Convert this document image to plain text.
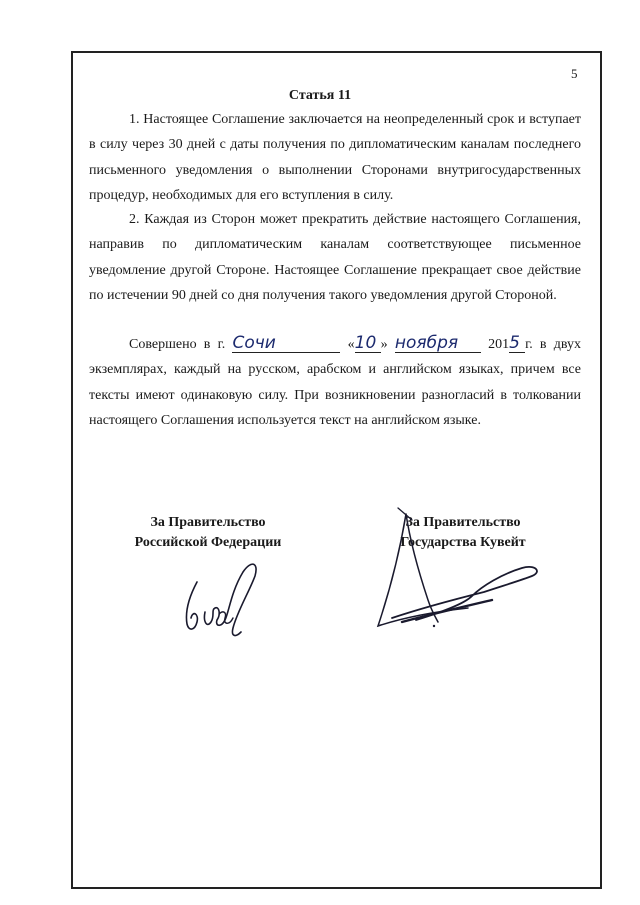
5
Статья 11

1. Настоящее Соглашение заключается на неопределенный срок и вступает в силу через 30 дней с даты получения по дипломатическим каналам последнего письменного уведомления о выполнении Сторонами внутригосударственных процедур, необходимых для его вступления в силу.

2. Каждая из Сторон может прекратить действие настоящего Соглашения, направив по дипломатическим каналам соответствующее письменное уведомление другой Стороне. Настоящее Соглашение прекращает свое действие по истечении 90 дней со дня получения такого уведомления другой Стороной.

Совершено в г. Сочи	«10 » ноября 2015 г. в двух экземплярах, каждый на русском, арабском и английском языках, причем все тексты имеют одинаковую силу. При возникновении разногласий в толковании настоящего Соглашения используется текст на английском языке.

За Правительство
Российской Федерации
За Правительство
Государства Кувейт
